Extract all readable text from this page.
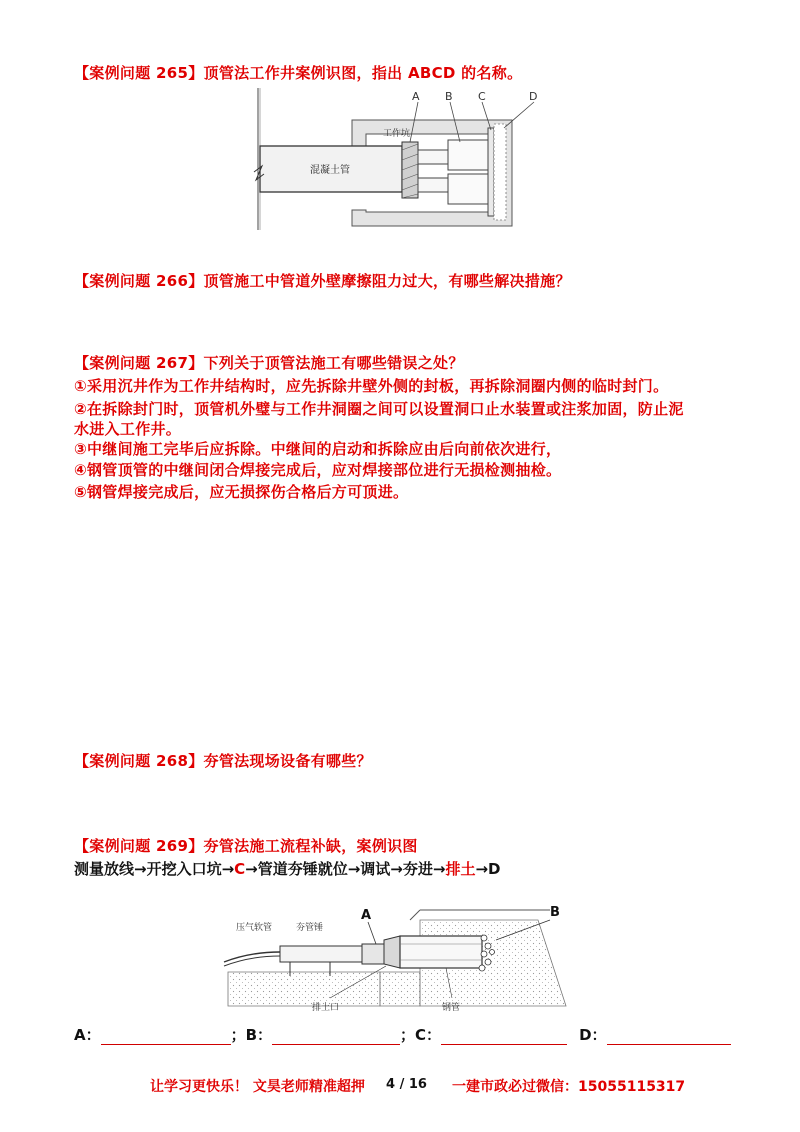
【案例问题 265】顶管法工作井案例识图，指出 ABCD 的名称。
A B C	D
工作坑
混凝土管
【案例问题 266】顶管施工中管道外壁摩擦阻力过大，有哪些解决措施？
【案例问题 267】下列关于顶管法施工有哪些错误之处？
①采用沉井作为工作井结构时，应先拆除井壁外侧的封板，再拆除洞圈内侧的临时封门。
②在拆除封门时，顶管机外璧与工作井洞圈之间可以设置洞口止水装置或注浆加固，防止泥
水进入工作井。
③中继间施工完毕后应拆除。中继间的启动和拆除应由后向前依次进行，
④钢管顶管的中继间闭合焊接完成后，应对焊接部位进行无损检测抽检。
⑤钢管焊接完成后，应无损探伤合格后方可顶进。
【案例问题 268】夯管法现场设备有哪些？
【案例问题 269】夯管法施工流程补缺，案例识图
测量放线→开挖入口坑→C→管道夯锤就位→调试→夯进→排土→D
A	B
压气软管	夯管锤
排土口	钢管
A：	；B：	；C：	D：
让学习更快乐！ 文昊老师精准超押 4 / 16 一建市政必过微信：15055115317
